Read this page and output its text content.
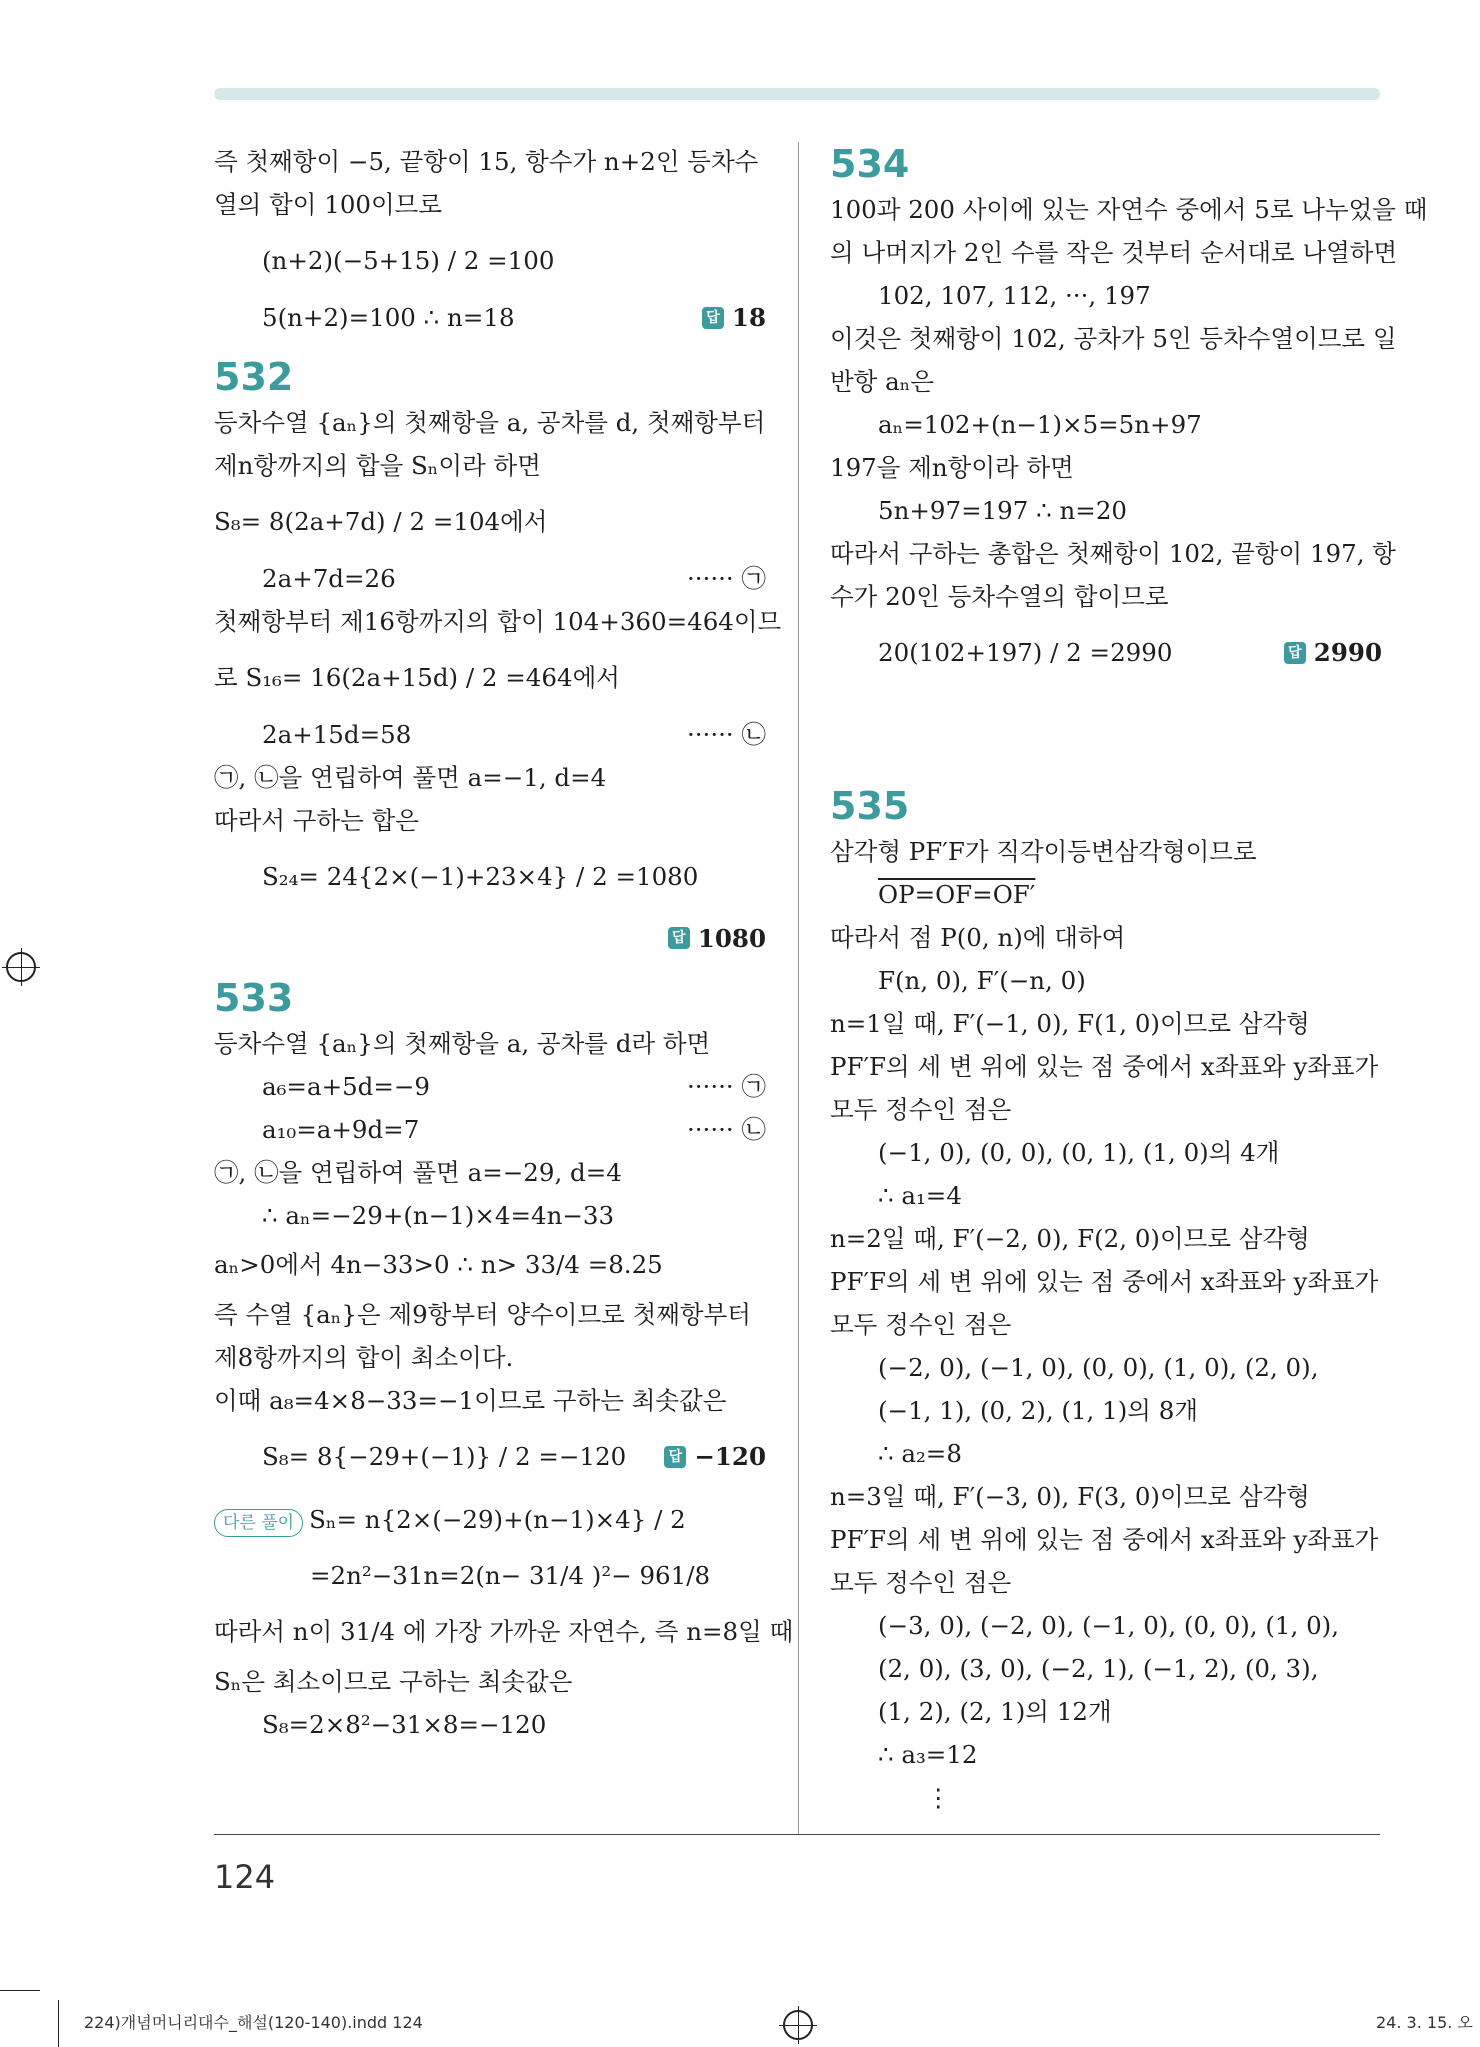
즉 첫째항이 −5, 끝항이 15, 항수가 n+2인 등차수
열의 합이 100이므로
(n+2)(−5+15) / 2 =100
5(n+2)=100 ∴ n=18	답 18
532
등차수열 {aₙ}의 첫째항을 a, 공차를 d, 첫째항부터
제n항까지의 합을 Sₙ이라 하면
S₈= 8(2a+7d) / 2 =104에서
2a+7d=26	······ ㉠
첫째항부터 제16항까지의 합이 104+360=464이므
로 S₁₆= 16(2a+15d) / 2 =464에서
2a+15d=58	······ ㉡
㉠, ㉡을 연립하여 풀면 a=−1, d=4
따라서 구하는 합은
S₂₄= 24{2×(−1)+23×4} / 2 =1080
답 1080
533
등차수열 {aₙ}의 첫째항을 a, 공차를 d라 하면
a₆=a+5d=−9	······ ㉠
a₁₀=a+9d=7	······ ㉡
㉠, ㉡을 연립하여 풀면 a=−29, d=4
∴ aₙ=−29+(n−1)×4=4n−33
aₙ>0에서 4n−33>0 ∴ n> 33/4 =8.25
즉 수열 {aₙ}은 제9항부터 양수이므로 첫째항부터
제8항까지의 합이 최소이다.
이때 a₈=4×8−33=−1이므로 구하는 최솟값은
S₈= 8{−29+(−1)} / 2 =−120	답 −120
다른 풀이 Sₙ= n{2×(−29)+(n−1)×4} / 2
=2n²−31n=2(n− 31/4 )²− 961/8
따라서 n이 31/4 에 가장 가까운 자연수, 즉 n=8일 때
Sₙ은 최소이므로 구하는 최솟값은
S₈=2×8²−31×8=−120
534
100과 200 사이에 있는 자연수 중에서 5로 나누었을 때
의 나머지가 2인 수를 작은 것부터 순서대로 나열하면
102, 107, 112, ···, 197
이것은 첫째항이 102, 공차가 5인 등차수열이므로 일
반항 aₙ은
aₙ=102+(n−1)×5=5n+97
197을 제n항이라 하면
5n+97=197 ∴ n=20
따라서 구하는 총합은 첫째항이 102, 끝항이 197, 항
수가 20인 등차수열의 합이므로
20(102+197) / 2 =2990	답 2990
535
삼각형 PF′F가 직각이등변삼각형이므로
OP=OF=OF′
따라서 점 P(0, n)에 대하여
F(n, 0), F′(−n, 0)
n=1일 때, F′(−1, 0), F(1, 0)이므로 삼각형
PF′F의 세 변 위에 있는 점 중에서 x좌표와 y좌표가
모두 정수인 점은
(−1, 0), (0, 0), (0, 1), (1, 0)의 4개
∴ a₁=4
n=2일 때, F′(−2, 0), F(2, 0)이므로 삼각형
PF′F의 세 변 위에 있는 점 중에서 x좌표와 y좌표가
모두 정수인 점은
(−2, 0), (−1, 0), (0, 0), (1, 0), (2, 0),
(−1, 1), (0, 2), (1, 1)의 8개
∴ a₂=8
n=3일 때, F′(−3, 0), F(3, 0)이므로 삼각형
PF′F의 세 변 위에 있는 점 중에서 x좌표와 y좌표가
모두 정수인 점은
(−3, 0), (−2, 0), (−1, 0), (0, 0), (1, 0),
(2, 0), (3, 0), (−2, 1), (−1, 2), (0, 3),
(1, 2), (2, 1)의 12개
∴ a₃=12
⋮
124
224)개념머니리대수_해설(120-140).indd 124	24. 3. 15. 오
